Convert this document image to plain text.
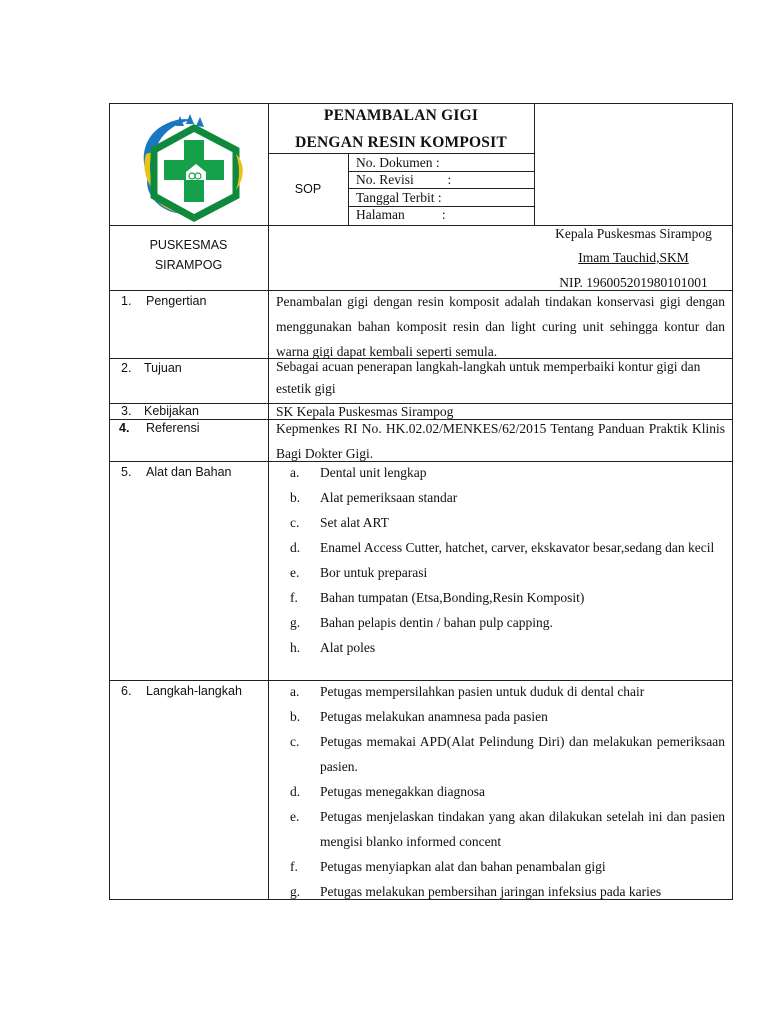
PENAMBALAN GIGI
DENGAN RESIN KOMPOSIT
SOP
No. Dokumen :
No. Revisi          :
Tanggal Terbit :
Halaman           :
PUSKESMAS
SIRAMPOG
Kepala Puskesmas Sirampog
Imam Tauchid,SKM
NIP. 196005201980101001
1. Pengertian	Penambalan gigi dengan resin komposit adalah tindakan konservasi gigi dengan menggunakan bahan komposit resin dan light curing unit sehingga kontur dan warna gigi dapat kembali seperti semula.
2. Tujuan	Sebagai acuan penerapan langkah-langkah untuk memperbaiki kontur gigi dan estetik gigi
3. Kebijakan	SK Kepala Puskesmas Sirampog
4. Referensi	Kepmenkes RI No. HK.02.02/MENKES/62/2015 Tentang Panduan Praktik Klinis Bagi Dokter Gigi.
5. Alat dan Bahan	a.	Dental unit lengkap
b.	Alat pemeriksaan standar
c.	Set alat ART
d.	Enamel Access Cutter, hatchet, carver, ekskavator besar,sedang dan kecil
e.	Bor untuk preparasi
f.	Bahan tumpatan (Etsa,Bonding,Resin Komposit)
g.	Bahan pelapis dentin / bahan pulp capping.
h.	Alat poles
6. Langkah-langkah	a.	Petugas mempersilahkan pasien untuk duduk di dental chair
b.	Petugas melakukan anamnesa pada pasien
c.	Petugas memakai APD(Alat Pelindung Diri) dan melakukan pemeriksaan pasien.
d.	Petugas menegakkan diagnosa
e.	Petugas menjelaskan tindakan yang akan dilakukan setelah ini dan pasien mengisi blanko informed concent
f.	Petugas menyiapkan alat dan bahan penambalan gigi
g.	Petugas melakukan pembersihan jaringan infeksius pada karies
